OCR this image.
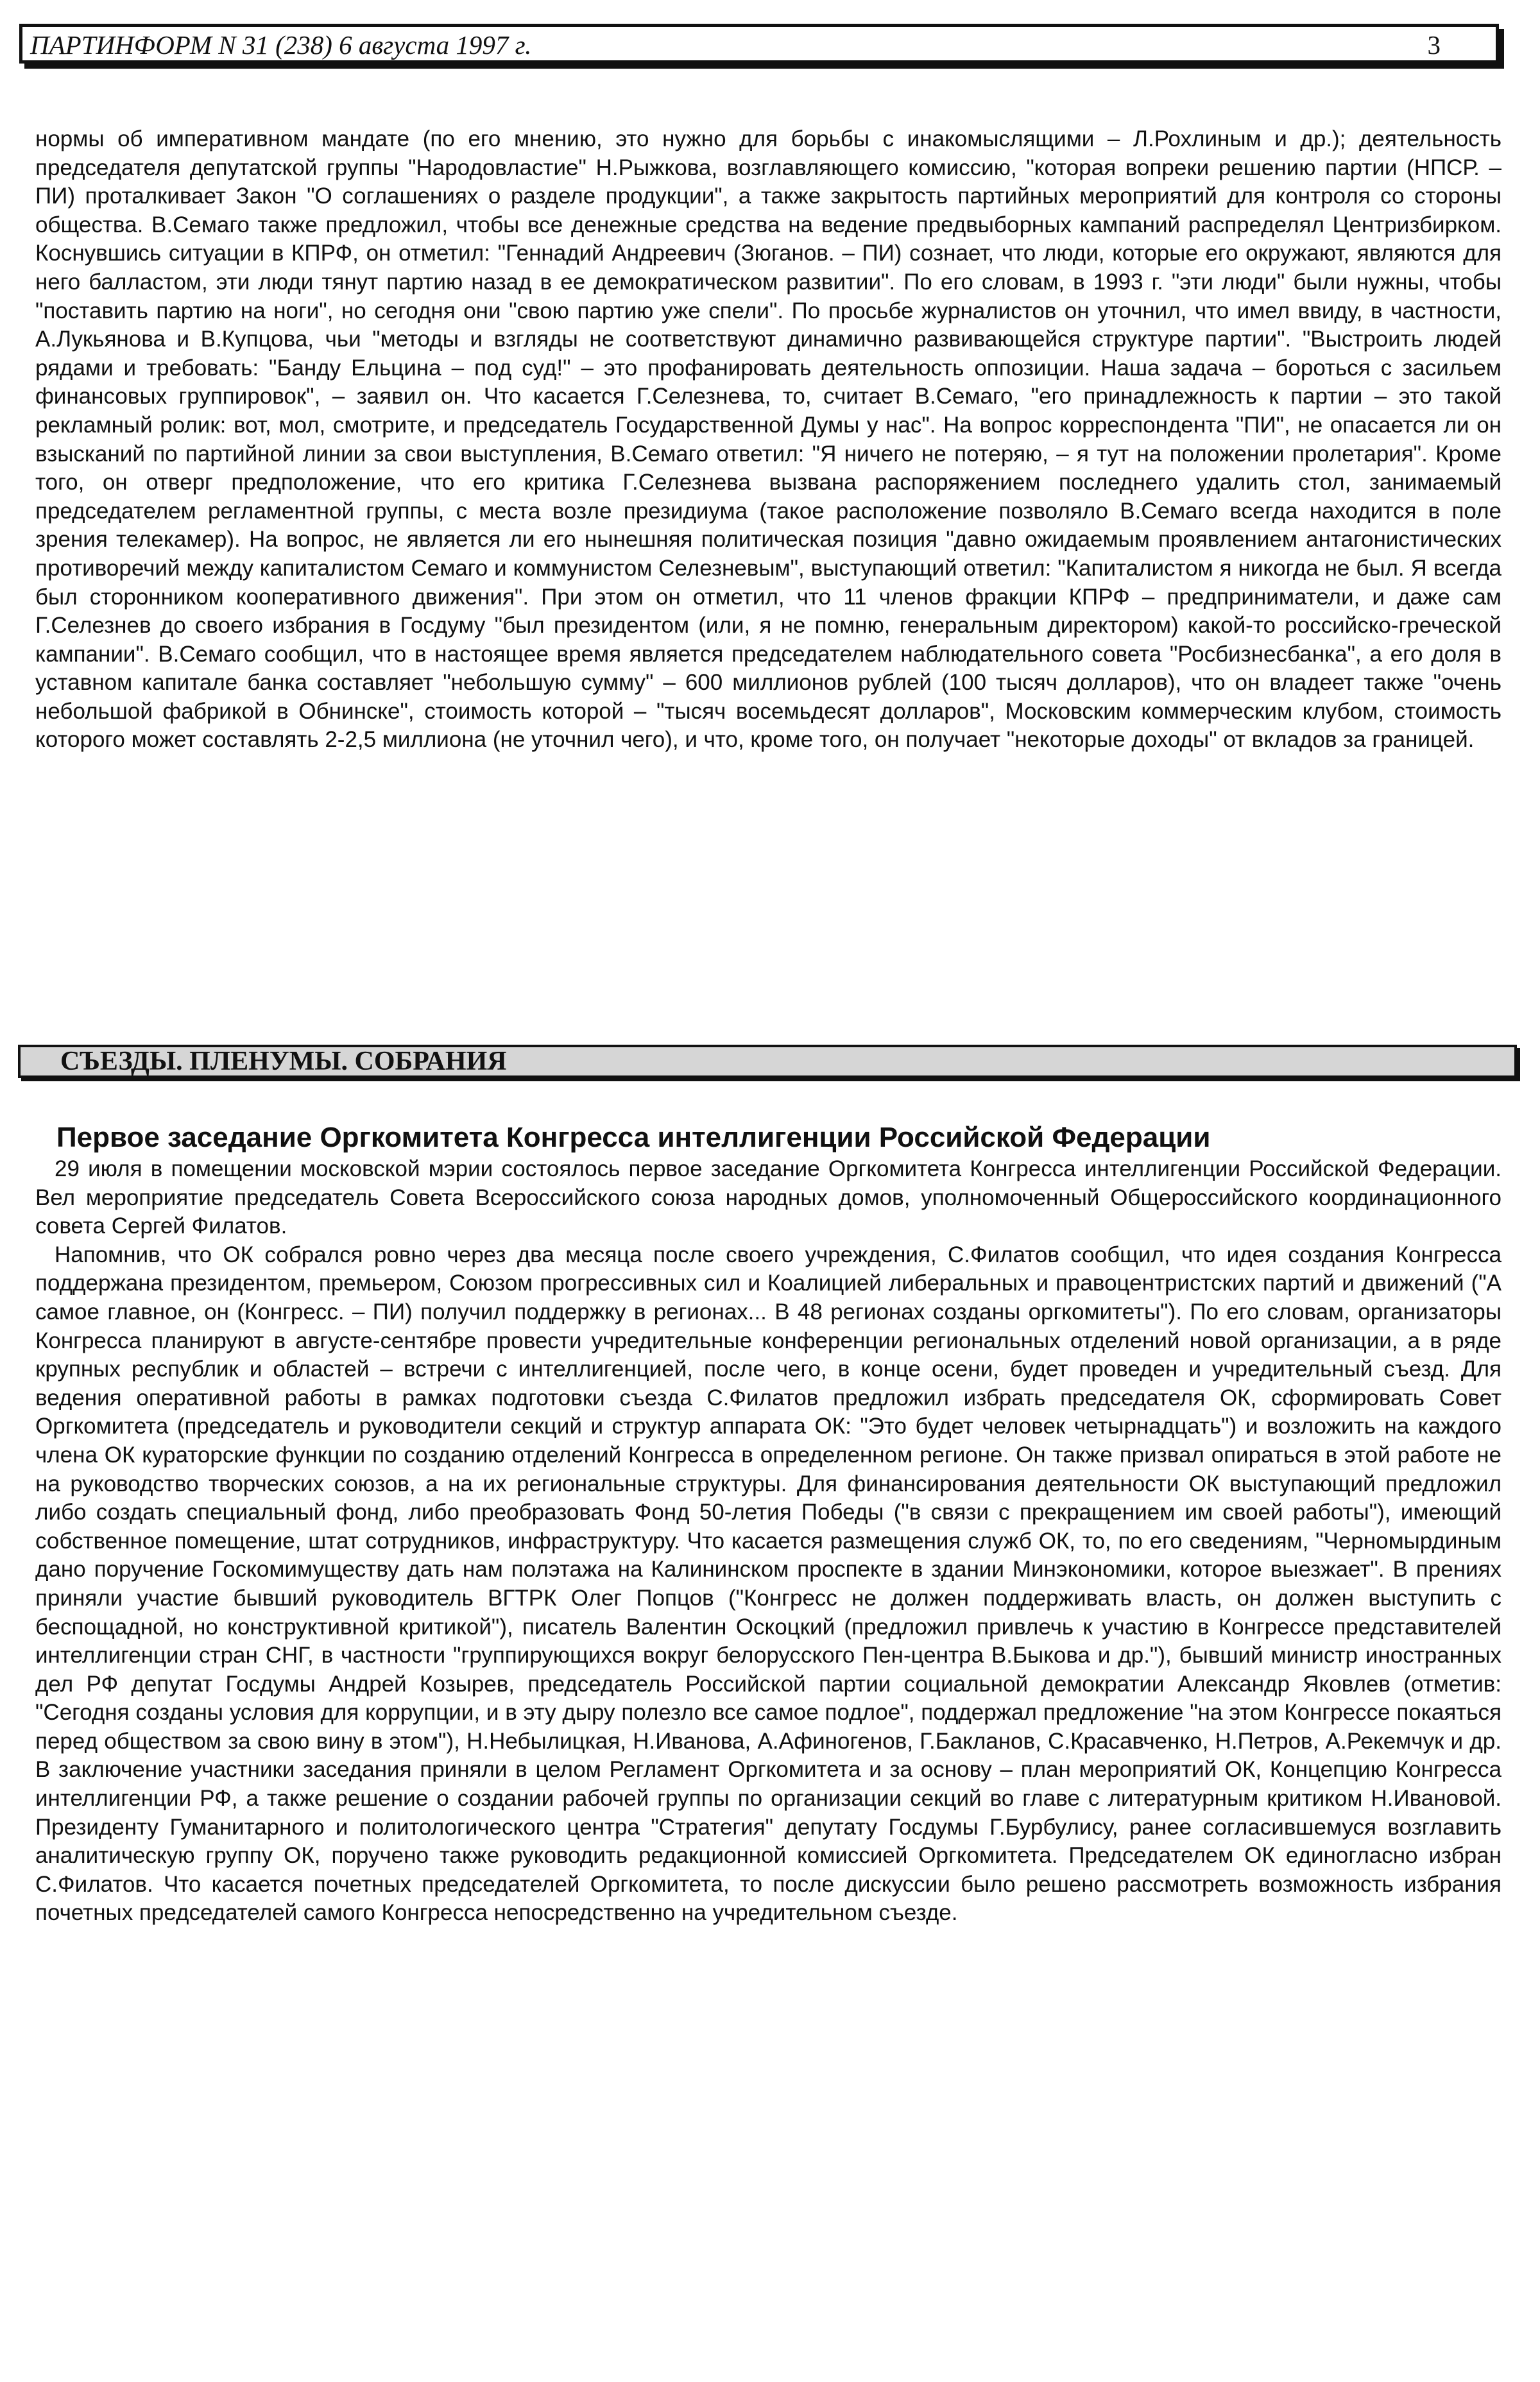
ПАРТИНФОРМ N 31 (238) 6 августа 1997 г.	3

нормы об императивном мандате (по его мнению, это нужно для борьбы с инакомыслящими – Л.Рохлиным и др.); деятельность председателя депутатской группы "Народовластие" Н.Рыжкова, возглавляющего комиссию, "которая вопреки решению партии (НПСР. – ПИ) проталкивает Закон "О соглашениях о разделе продукции", а также закрытость партийных мероприятий для контроля со стороны общества. В.Семаго также предложил, чтобы все денежные средства на ведение предвыборных кампаний распределял Центризбирком. Коснувшись ситуации в КПРФ, он отметил: "Геннадий Андреевич (Зюганов. – ПИ) сознает, что люди, которые его окружают, являются для него балластом, эти люди тянут партию назад в ее демократическом развитии". По его словам, в 1993 г. "эти люди" были нужны, чтобы "поставить партию на ноги", но сегодня они "свою партию уже спели". По просьбе журналистов он уточнил, что имел ввиду, в частности, А.Лукьянова и В.Купцова, чьи "методы и взгляды не соответствуют динамично развивающейся структуре партии". "Выстроить людей рядами и требовать: "Банду Ельцина – под суд!" – это профанировать деятельность оппозиции. Наша задача – бороться с засильем финансовых группировок", – заявил он. Что касается Г.Селезнева, то, считает В.Семаго, "его принадлежность к партии – это такой рекламный ролик: вот, мол, смотрите, и председатель Государственной Думы у нас". На вопрос корреспондента "ПИ", не опасается ли он взысканий по партийной линии за свои выступления, В.Семаго ответил: "Я ничего не потеряю, – я тут на положении пролетария". Кроме того, он отверг предположение, что его критика Г.Селезнева вызвана распоряжением последнего удалить стол, занимаемый председателем регламентной группы, с места возле президиума (такое расположение позволяло В.Семаго всегда находится в поле зрения телекамер). На вопрос, не является ли его нынешняя политическая позиция "давно ожидаемым проявлением антагонистических противоречий между капиталистом Семаго и коммунистом Селезневым", выступающий ответил: "Капиталистом я никогда не был. Я всегда был сторонником кооперативного движения". При этом он отметил, что 11 членов фракции КПРФ – предприниматели, и даже сам Г.Селезнев до своего избрания в Госдуму "был президентом (или, я не помню, генеральным директором) какой-то российско-греческой кампании". В.Семаго сообщил, что в настоящее время является председателем наблюдательного совета "Росбизнесбанка", а его доля в уставном капитале банка составляет "небольшую сумму" – 600 миллионов рублей (100 тысяч долларов), что он владеет также "очень небольшой фабрикой в Обнинске", стоимость которой – "тысяч восемьдесят долларов", Московским коммерческим клубом, стоимость которого может составлять 2-2,5 миллиона (не уточнил чего), и что, кроме того, он получает "некоторые доходы" от вкладов за границей.

СЪЕЗДЫ. ПЛЕНУМЫ. СОБРАНИЯ
Первое заседание Оргкомитета Конгресса интеллигенции Российской Федерации

29 июля в помещении московской мэрии состоялось первое заседание Оргкомитета Конгресса интеллигенции Российской Федерации. Вел мероприятие председатель Совета Всероссийского союза народных домов, уполномоченный Общероссийского координационного совета Сергей Филатов.

Напомнив, что ОК собрался ровно через два месяца после своего учреждения, С.Филатов сообщил, что идея создания Конгресса поддержана президентом, премьером, Союзом прогрессивных сил и Коалицией либеральных и правоцентристских партий и движений ("А самое главное, он (Конгресс. – ПИ) получил поддержку в регионах... В 48 регионах созданы оргкомитеты"). По его словам, организаторы Конгресса планируют в августе-сентябре провести учредительные конференции региональных отделений новой организации, а в ряде крупных республик и областей – встречи с интеллигенцией, после чего, в конце осени, будет проведен и учредительный съезд. Для ведения оперативной работы в рамках подготовки съезда С.Филатов предложил избрать председателя ОК, сформировать Совет Оргкомитета (председатель и руководители секций и структур аппарата ОК: "Это будет человек четырнадцать") и возложить на каждого члена ОК кураторские функции по созданию отделений Конгресса в определенном регионе. Он также призвал опираться в этой работе не на руководство творческих союзов, а на их региональные структуры. Для финансирования деятельности ОК выступающий предложил либо создать специальный фонд, либо преобразовать Фонд 50-летия Победы ("в связи с прекращением им своей работы"), имеющий собственное помещение, штат сотрудников, инфраструктуру. Что касается размещения служб ОК, то, по его сведениям, "Черномырдиным дано поручение Госкомимуществу дать нам полэтажа на Калининском проспекте в здании Минэкономики, которое выезжает". В прениях приняли участие бывший руководитель ВГТРК Олег Попцов ("Конгресс не должен поддерживать власть, он должен выступить с беспощадной, но конструктивной критикой"), писатель Валентин Оскоцкий (предложил привлечь к участию в Конгрессе представителей интеллигенции стран СНГ, в частности "группирующихся вокруг белорусского Пен-центра В.Быкова и др."), бывший министр иностранных дел РФ депутат Госдумы Андрей Козырев, председатель Российской партии социальной демократии Александр Яковлев (отметив: "Сегодня созданы условия для коррупции, и в эту дыру полезло все самое подлое", поддержал предложение "на этом Конгрессе покаяться перед обществом за свою вину в этом"), Н.Небылицкая, Н.Иванова, А.Афиногенов, Г.Бакланов, С.Красавченко, Н.Петров, А.Рекемчук и др. В заключение участники заседания приняли в целом Регламент Оргкомитета и за основу – план мероприятий ОК, Концепцию Конгресса интеллигенции РФ, а также решение о создании рабочей группы по организации секций во главе с литературным критиком Н.Ивановой. Президенту Гуманитарного и политологического центра "Стратегия" депутату Госдумы Г.Бурбулису, ранее согласившемуся возглавить аналитическую группу ОК, поручено также руководить редакционной комиссией Оргкомитета. Председателем ОК единогласно избран С.Филатов. Что касается почетных председателей Оргкомитета, то после дискуссии было решено рассмотреть возможность избрания почетных председателей самого Конгресса непосредственно на учредительном съезде.
